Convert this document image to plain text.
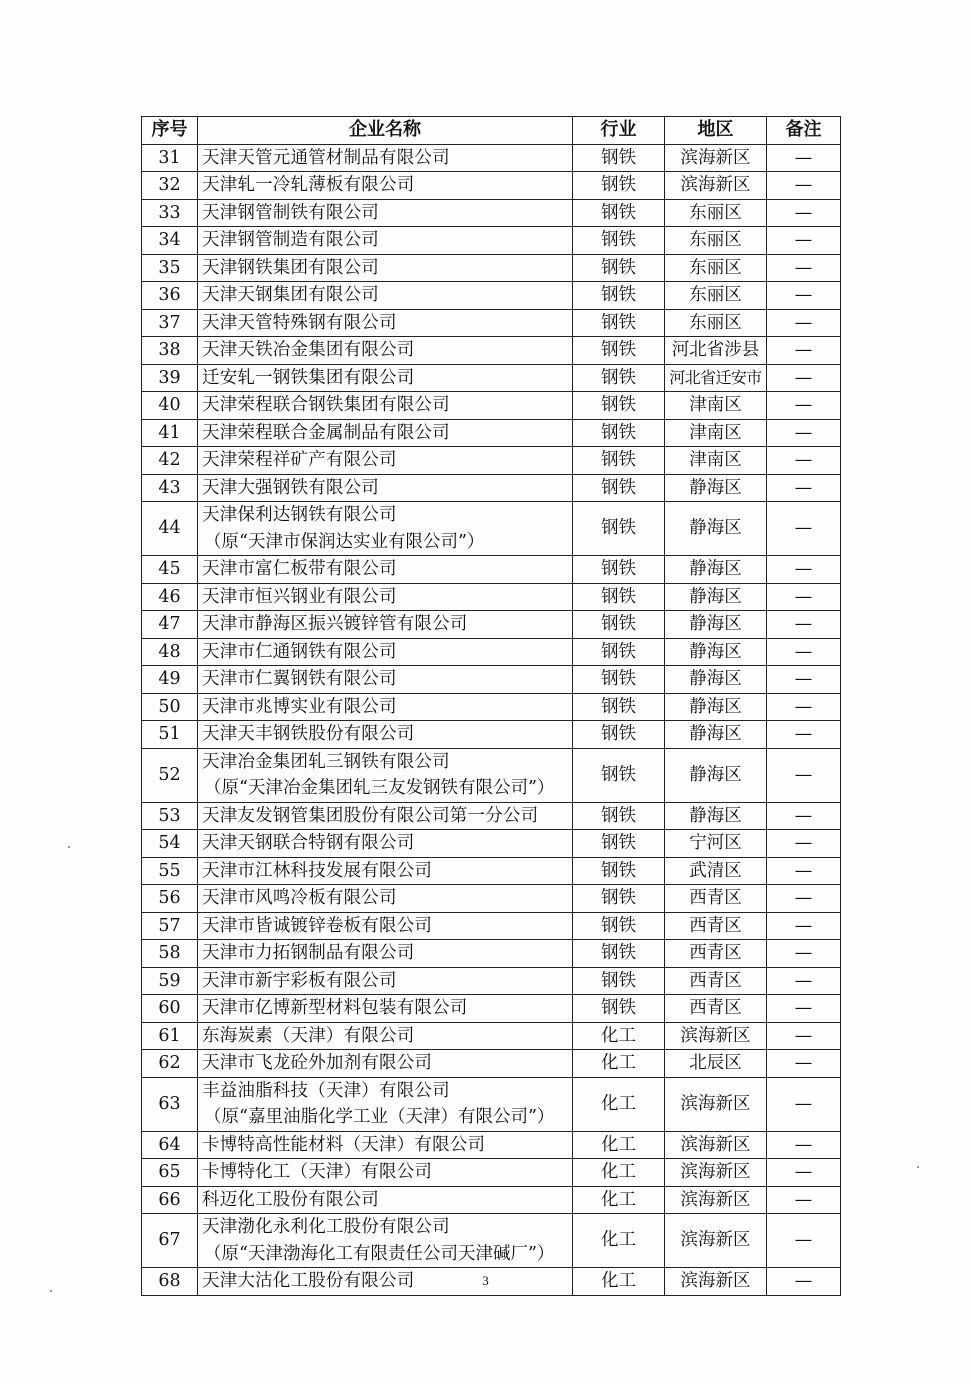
序号	企业名称	行业	地区	备注
31	天津天管元通管材制品有限公司	钢铁	滨海新区	—
32	天津轧一冷轧薄板有限公司	钢铁	滨海新区	—
33	天津钢管制铁有限公司	钢铁	东丽区	—
34	天津钢管制造有限公司	钢铁	东丽区	—
35	天津钢铁集团有限公司	钢铁	东丽区	—
36	天津天钢集团有限公司	钢铁	东丽区	—
37	天津天管特殊钢有限公司	钢铁	东丽区	—
38	天津天铁冶金集团有限公司	钢铁	河北省涉县	—
39	迁安轧一钢铁集团有限公司	钢铁	河北省迁安市	—
40	天津荣程联合钢铁集团有限公司	钢铁	津南区	—
41	天津荣程联合金属制品有限公司	钢铁	津南区	—
42	天津荣程祥矿产有限公司	钢铁	津南区	—
43	天津大强钢铁有限公司	钢铁	静海区	—
44	天津保利达钢铁有限公司
（原“天津市保润达实业有限公司”）	钢铁	静海区	—
45	天津市富仁板带有限公司	钢铁	静海区	—
46	天津市恒兴钢业有限公司	钢铁	静海区	—
47	天津市静海区振兴镀锌管有限公司	钢铁	静海区	—
48	天津市仁通钢铁有限公司	钢铁	静海区	—
49	天津市仁翼钢铁有限公司	钢铁	静海区	—
50	天津市兆博实业有限公司	钢铁	静海区	—
51	天津天丰钢铁股份有限公司	钢铁	静海区	—
52	天津冶金集团轧三钢铁有限公司
（原“天津冶金集团轧三友发钢铁有限公司”）	钢铁	静海区	—
53	天津友发钢管集团股份有限公司第一分公司	钢铁	静海区	—
54	天津天钢联合特钢有限公司	钢铁	宁河区	—
55	天津市江林科技发展有限公司	钢铁	武清区	—
56	天津市风鸣冷板有限公司	钢铁	西青区	—
57	天津市皆诚镀锌卷板有限公司	钢铁	西青区	—
58	天津市力拓钢制品有限公司	钢铁	西青区	—
59	天津市新宇彩板有限公司	钢铁	西青区	—
60	天津市亿博新型材料包装有限公司	钢铁	西青区	—
61	东海炭素（天津）有限公司	化工	滨海新区	—
62	天津市飞龙砼外加剂有限公司	化工	北辰区	—
63	丰益油脂科技（天津）有限公司
（原“嘉里油脂化学工业（天津）有限公司”）	化工	滨海新区	—
64	卡博特高性能材料（天津）有限公司	化工	滨海新区	—
65	卡博特化工（天津）有限公司	化工	滨海新区	—
66	科迈化工股份有限公司	化工	滨海新区	—
67	天津渤化永利化工股份有限公司
（原“天津渤海化工有限责任公司天津碱厂”）	化工	滨海新区	—
68	天津大沽化工股份有限公司	化工	滨海新区	—
3
